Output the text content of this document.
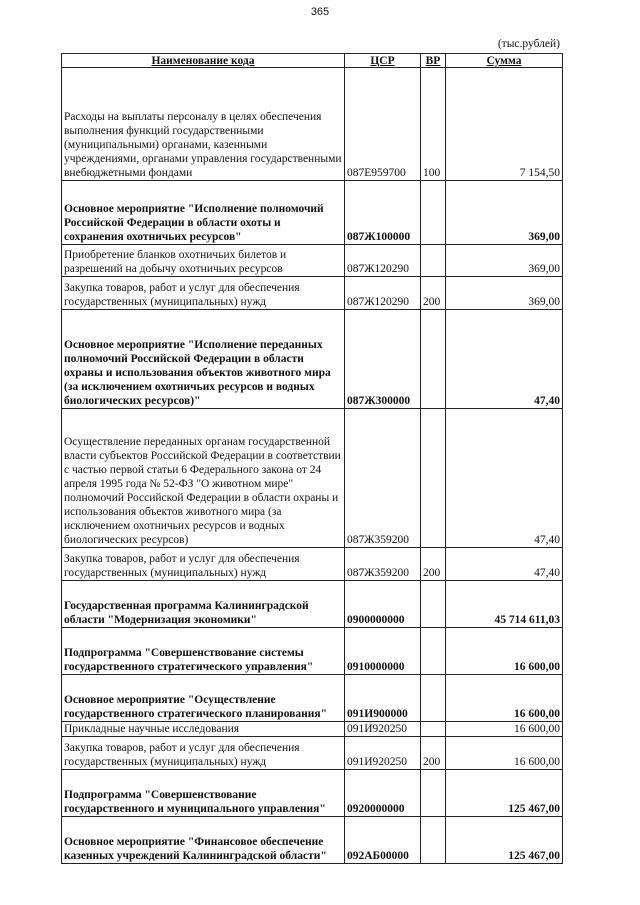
365
(тыс.рублей)
Наименование кода	ЦСР	ВР	Сумма
Расходы на выплаты персоналу в целях обеспечения выполнения функций государственными (муниципальными) органами, казенными учреждениями, органами управления государственными внебюджетными фондами	087Е959700	100	7 154,50
Основное мероприятие "Исполнение полномочий Российской Федерации в области охоты и сохранения охотничьих ресурсов"	087Ж100000		369,00
Приобретение бланков охотничьих билетов и разрешений на добычу охотничьих ресурсов	087Ж120290		369,00
Закупка товаров, работ и услуг для обеспечения государственных (муниципальных) нужд	087Ж120290	200	369,00
Основное мероприятие "Исполнение переданных полномочий Российской Федерации в области охраны и использования объектов животного мира (за исключением охотничьих ресурсов и водных биологических ресурсов)"	087Ж300000		47,40
Осуществление переданных органам государственной власти субъектов Российской Федерации в соответствии с частью первой статьи 6 Федерального закона от 24 апреля 1995 года № 52-ФЗ "О животном мире" полномочий Российской Федерации в области охраны и использования объектов животного мира (за исключением охотничьих ресурсов и водных биологических ресурсов)	087Ж359200		47,40
Закупка товаров, работ и услуг для обеспечения государственных (муниципальных) нужд	087Ж359200	200	47,40
Государственная программа Калининградской области "Модернизация экономики"	0900000000		45 714 611,03
Подпрограмма "Совершенствование системы государственного стратегического управления"	0910000000		16 600,00
Основное мероприятие "Осуществление государственного стратегического планирования"	091И900000		16 600,00
Прикладные научные исследования	091И920250		16 600,00
Закупка товаров, работ и услуг для обеспечения государственных (муниципальных) нужд	091И920250	200	16 600,00
Подпрограмма "Совершенствование государственного и муниципального управления"	0920000000		125 467,00
Основное мероприятие "Финансовое обеспечение казенных учреждений Калининградской области"	092АБ00000		125 467,00
